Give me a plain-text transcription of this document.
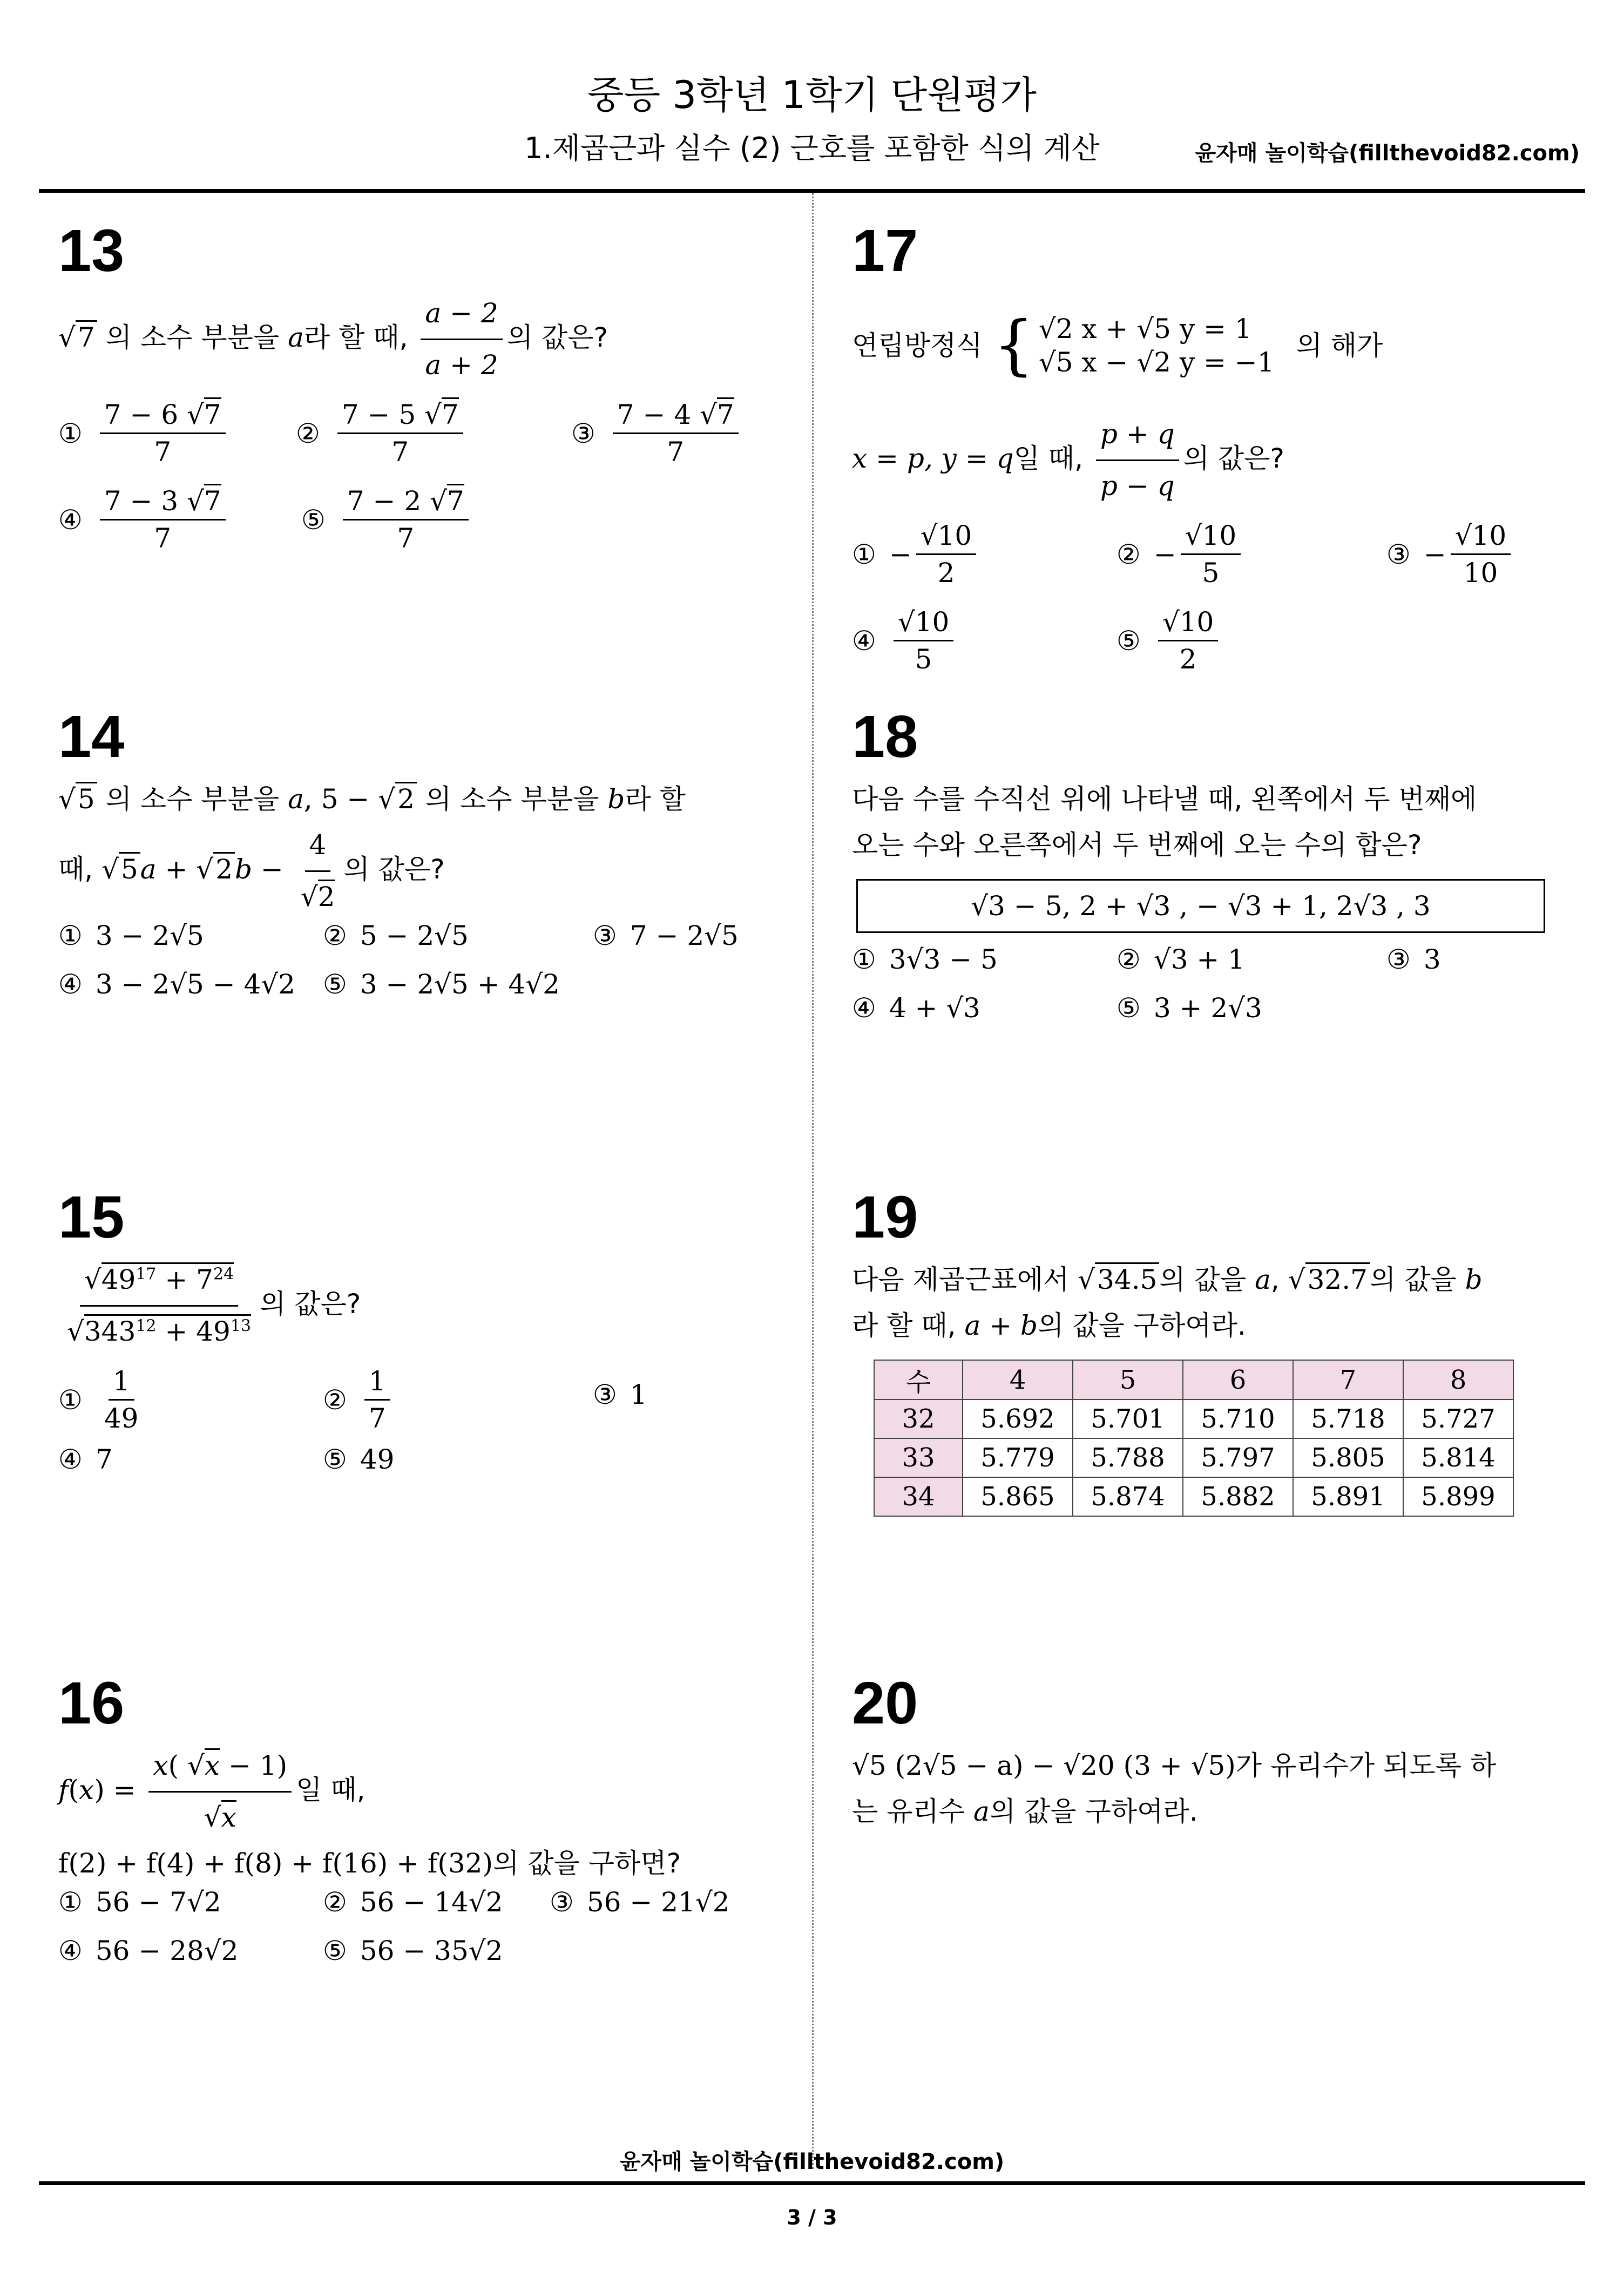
중등 3학년 1학기 단원평가
1.제곱근과 실수 (2) 근호를 포함한 식의 계산	윤자매 놀이학습(fillthevoid82.com)
13
√7 의 소수 부분을 a라 할 때, $\frac{a - 2}{a + 2}$ 의 값은?
① $\frac{7 - 6 √7}{7}$	② $\frac{7 - 5 √7}{7}$	③ $\frac{7 - 4 √7}{7}$
④ $\frac{7 - 3 √7}{7}$	⑤ $\frac{7 - 2 √7}{7}$
14
√5 의 소수 부분을 a, 5 − √2 의 소수 부분을 b라 할
때, $√5a + √2b - \frac{4}{√2}$ 의 값은?
① 3 − 2√5	② 5 − 2√5	③ 7 − 2√5
④ 3 − 2√5 − 4√2 ⑤ 3 − 2√5 + 4√2
15
$\frac{√49^{17} + 7^{24}}{√343^{12} + 49^{13}}$ 의 값은?
① $\frac{1}{49}$	② $\frac{1}{7}$	③ 1
④ 7	⑤ 49
16
$f(x) = \frac{x( √x - 1)}{√x}$ 일 때,
f(2) + f(4) + f(8) + f(16) + f(32)의 값을 구하면?
① 56 − 7√2	② 56 − 14√2 ③ 56 − 21√2
④ 56 − 28√2	⑤ 56 − 35√2
17
연립방정식 { √2 x + √5 y = 1
√5 x − √2 y = −1
의 해가
x = p, y = q일 때, $\frac{p + q}{p - q}$ 의 값은?
① − $\frac{√10}{2}$	② − $\frac{√10}{5}$	③ − $\frac{√10}{10}$
④ $\frac{√10}{5}$	⑤ $\frac{√10}{2}$
18
다음 수를 수직선 위에 나타낼 때, 왼쪽에서 두 번째에
오는 수와 오른쪽에서 두 번째에 오는 수의 합은?
√3 − 5, 2 + √3 , − √3 + 1, 2√3 , 3
① 3√3 − 5	② √3 + 1	③ 3
④ 4 + √3	⑤ 3 + 2√3
19
다음 제곱근표에서 √34.5의 값을 a, √32.7의 값을 b
라 할 때, a + b의 값을 구하여라.
수	4	5	6	7	8
32	5.692	5.701	5.710	5.718	5.727
33	5.779	5.788	5.797	5.805	5.814
34	5.865	5.874	5.882	5.891	5.899
20
√5 (2√5 − a) − √20 (3 + √5)가 유리수가 되도록 하
는 유리수 a의 값을 구하여라.
윤자매 놀이학습(fillthevoid82.com)
3 / 3
